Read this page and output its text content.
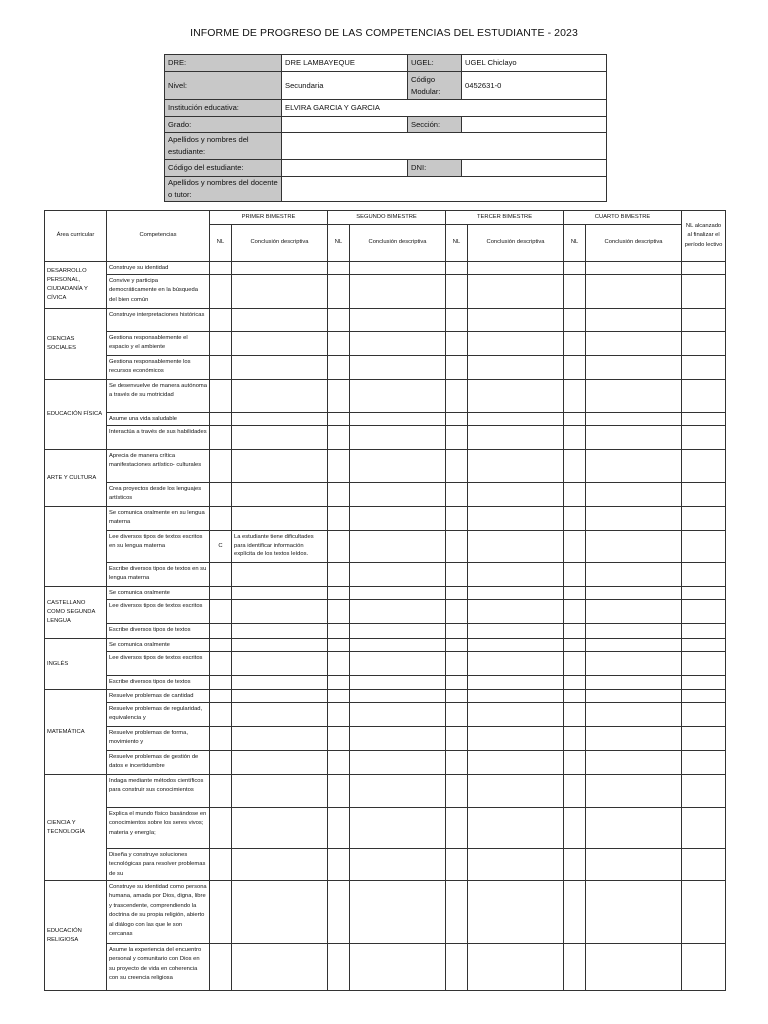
INFORME DE PROGRESO DE LAS COMPETENCIAS DEL ESTUDIANTE - 2023
DRE:	DRE LAMBAYEQUE	UGEL:	UGEL Chiclayo
Nivel:	Secundaria	Código Modular:	0452631-0
Institución educativa:	ELVIRA GARCIA Y GARCIA		
Grado:		Sección:	
Apellidos y nombres del estudiante:			
Código del estudiante:		DNI:	
Apellidos y nombres del docente o tutor:			
Área curricular	Competencias	PRIMER BIMESTRE		SEGUNDO BIMESTRE		TERCER BIMESTRE		CUARTO BIMESTRE		NL alcanzado al finalizar el período lectivo
		NL	Conclusión descriptiva	NL	Conclusión descriptiva	NL	Conclusión descriptiva	NL	Conclusión descriptiva	
DESARROLLO PERSONAL, CIUDADANÍA Y CÍVICA	Construye su identidad									
	Convive y participa democráticamente en la búsqueda del bien común									
CIENCIAS SOCIALES	Construye interpretaciones históricas									
	Gestiona responsablemente el espacio y el ambiente									
	Gestiona responsablemente los recursos económicos									
EDUCACIÓN FÍSICA	Se desenvuelve de manera autónoma a través de su motricidad									
	Asume una vida saludable									
	Interactúa a través de sus habilidades									
ARTE Y CULTURA	Aprecia de manera crítica manifestaciones artístico- culturales									
	Crea proyectos desde los lenguajes artísticos									
	Se comunica oralmente en su lengua materna									
	Lee diversos tipos de textos escritos en su lengua materna	C	La estudiante tiene dificultades para identificar información explícita de los textos leídos.							
	Escribe diversos tipos de textos en su lengua materna									
CASTELLANO COMO SEGUNDA LENGUA	Se comunica oralmente									
	Lee diversos tipos de textos escritos									
	Escribe diversos tipos de textos									
INGLÉS	Se comunica oralmente									
	Lee diversos tipos de textos escritos									
	Escribe diversos tipos de textos									
MATEMÁTICA	Resuelve problemas de cantidad									
	Resuelve problemas de regularidad, equivalencia y									
	Resuelve problemas de forma, movimiento y									
	Resuelve problemas de gestión de datos e incertidumbre									
CIENCIA Y TECNOLOGÍA	Indaga mediante métodos científicos para construir sus conocimientos									
	Explica el mundo físico basándose en conocimientos sobre los seres vivos; materia y energía;									
	Diseña y construye soluciones tecnológicas para resolver problemas de su									
EDUCACIÓN RELIGIOSA	Construye su identidad como persona humana, amada por Dios, digna, libre y trascendente, comprendiendo la doctrina de su propia religión, abierto al diálogo con las que le son cercanas									
	Asume la experiencia del encuentro personal y comunitario con Dios en su proyecto de vida en coherencia con su creencia religiosa									
